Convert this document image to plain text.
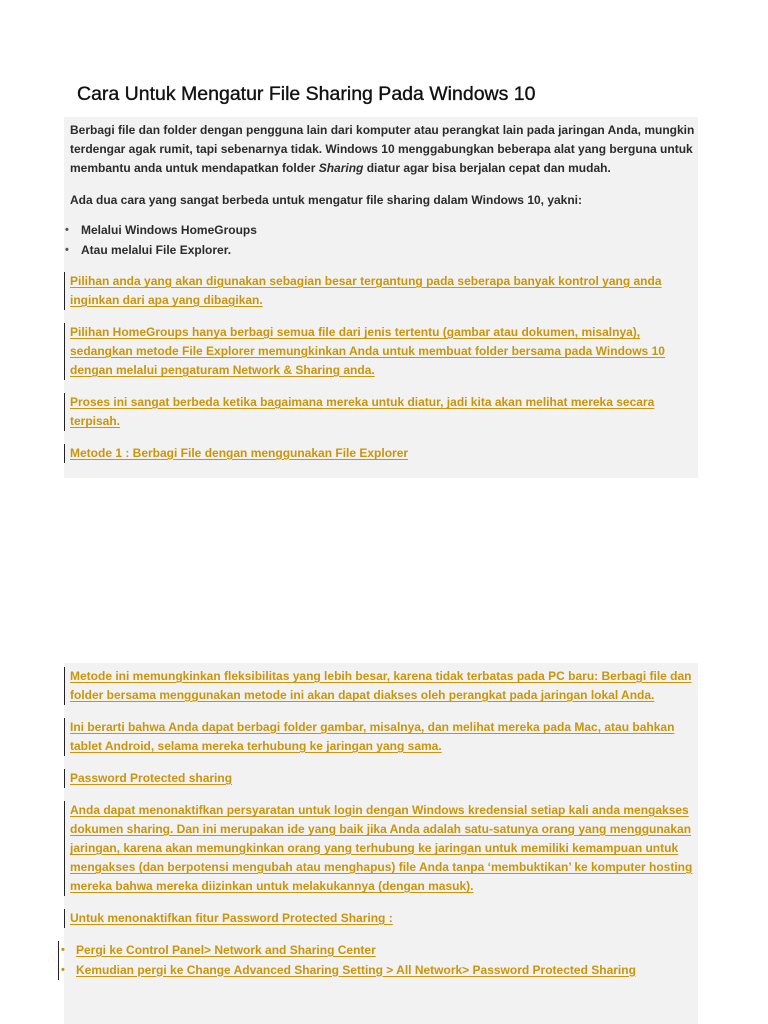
Cara Untuk Mengatur File Sharing Pada Windows 10

Berbagi file dan folder dengan pengguna lain dari komputer atau perangkat lain pada jaringan Anda, mungkin terdengar agak rumit, tapi sebenarnya tidak. Windows 10 menggabungkan beberapa alat yang berguna untuk membantu anda untuk mendapatkan folder Sharing diatur agar bisa berjalan cepat dan mudah.

Ada dua cara yang sangat berbeda untuk mengatur file sharing dalam Windows 10, yakni:

• Melalui Windows HomeGroups
• Atau melalui File Explorer.

Pilihan anda yang akan digunakan sebagian besar tergantung pada seberapa banyak kontrol yang anda inginkan dari apa yang dibagikan.

Pilihan HomeGroups hanya berbagi semua file dari jenis tertentu (gambar atau dokumen, misalnya), sedangkan metode File Explorer memungkinkan Anda untuk membuat folder bersama pada Windows 10 dengan melalui pengaturam Network & Sharing anda.

Proses ini sangat berbeda ketika bagaimana mereka untuk diatur, jadi kita akan melihat mereka secara terpisah.

Metode 1 : Berbagi File dengan menggunakan File Explorer

Metode ini memungkinkan fleksibilitas yang lebih besar, karena tidak terbatas pada PC baru: Berbagi file dan folder bersama menggunakan metode ini akan dapat diakses oleh perangkat pada jaringan lokal Anda.

Ini berarti bahwa Anda dapat berbagi folder gambar, misalnya, dan melihat mereka pada Mac, atau bahkan tablet Android, selama mereka terhubung ke jaringan yang sama.

Password Protected sharing

Anda dapat menonaktifkan persyaratan untuk login dengan Windows kredensial setiap kali anda mengakses dokumen sharing. Dan ini merupakan ide yang baik jika Anda adalah satu-satunya orang yang menggunakan jaringan, karena akan memungkinkan orang yang terhubung ke jaringan untuk memiliki kemampuan untuk mengakses (dan berpotensi mengubah atau menghapus) file Anda tanpa ‘membuktikan’ ke komputer hosting mereka bahwa mereka diizinkan untuk melakukannya (dengan masuk).

Untuk menonaktifkan fitur Password Protected Sharing :

• Pergi ke Control Panel> Network and Sharing Center
• Kemudian pergi ke Change Advanced Sharing Setting > All Network> Password Protected Sharing
